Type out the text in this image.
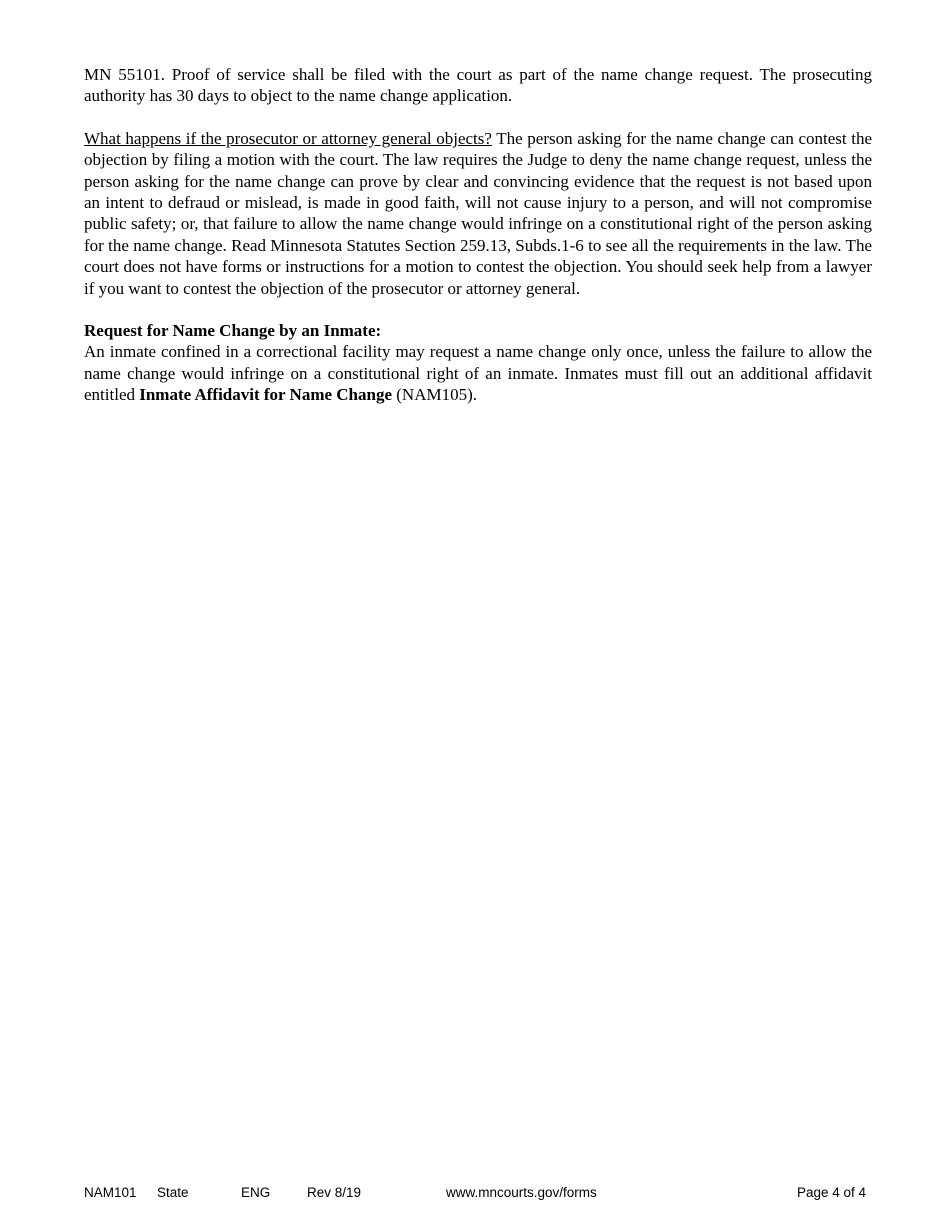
MN 55101. Proof of service shall be filed with the court as part of the name change request. The prosecuting authority has 30 days to object to the name change application.

What happens if the prosecutor or attorney general objects? The person asking for the name change can contest the objection by filing a motion with the court. The law requires the Judge to deny the name change request, unless the person asking for the name change can prove by clear and convincing evidence that the request is not based upon an intent to defraud or mislead, is made in good faith, will not cause injury to a person, and will not compromise public safety; or, that failure to allow the name change would infringe on a constitutional right of the person asking for the name change. Read Minnesota Statutes Section 259.13, Subds.1-6 to see all the requirements in the law. The court does not have forms or instructions for a motion to contest the objection. You should seek help from a lawyer if you want to contest the objection of the prosecutor or attorney general.

Request for Name Change by an Inmate:

An inmate confined in a correctional facility may request a name change only once, unless the failure to allow the name change would infringe on a constitutional right of an inmate. Inmates must fill out an additional affidavit entitled Inmate Affidavit for Name Change (NAM105).

NAM101 State	ENG	Rev 8/19	www.mncourts.gov/forms	Page 4 of 4
